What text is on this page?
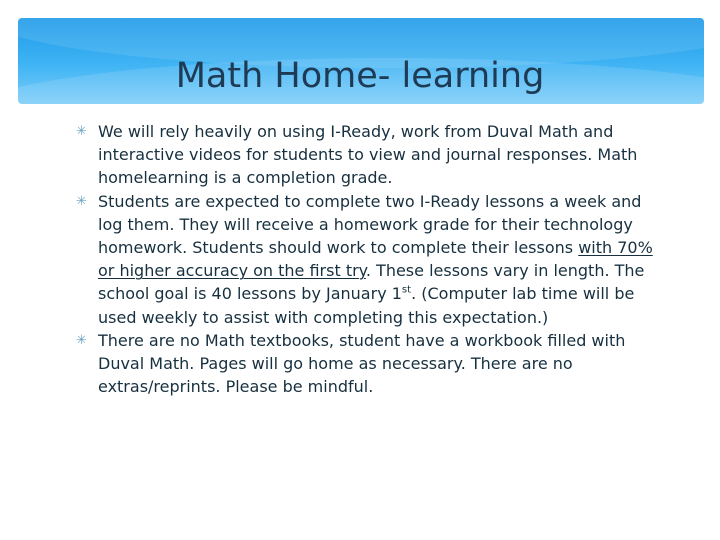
Math Home- learning
✳ We will rely heavily on using I-Ready, work from Duval Math and interactive videos for students to view and journal responses. Math homelearning is a completion grade.
✳ Students are expected to complete two I-Ready lessons a week and log them. They will receive a homework grade for their technology homework. Students should work to complete their lessons with 70% or higher accuracy on the first try. These lessons vary in length. The school goal is 40 lessons by January 1st. (Computer lab time will be used weekly to assist with completing this expectation.)
✳ There are no Math textbooks, student have a workbook filled with Duval Math. Pages will go home as necessary. There are no extras/reprints. Please be mindful.
